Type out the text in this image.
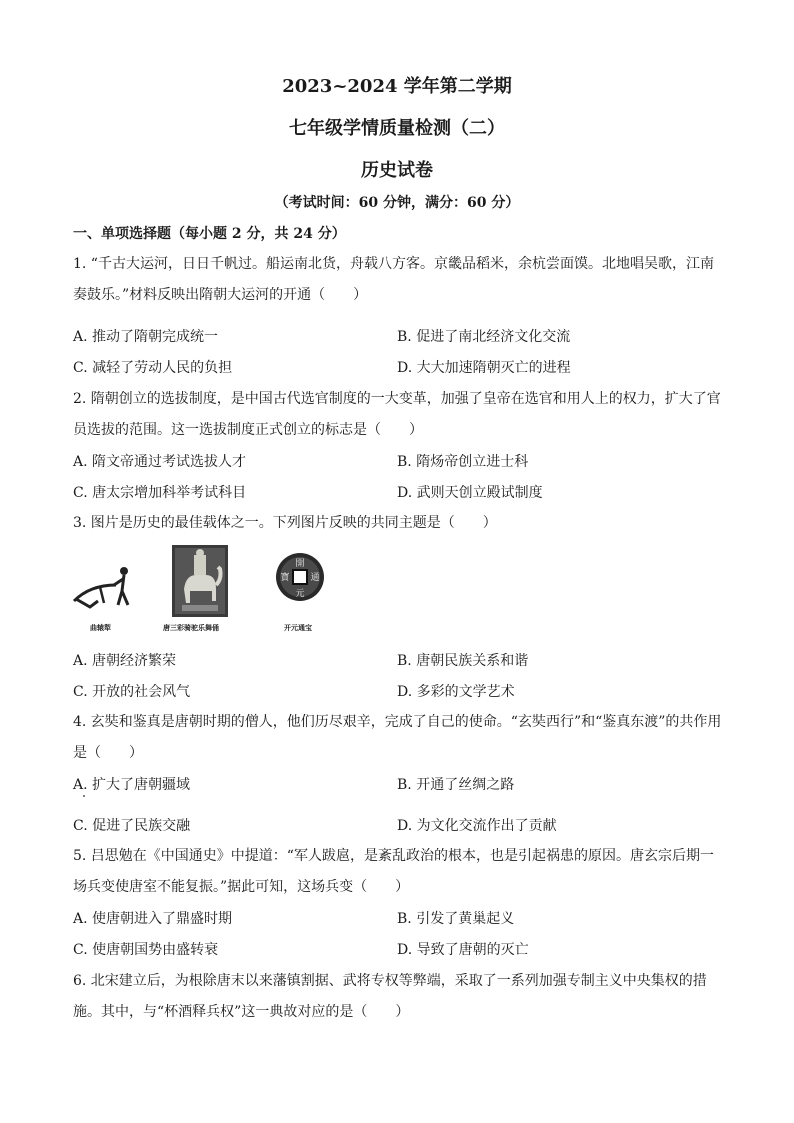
2023~2024 学年第二学期
七年级学情质量检测（二）
历史试卷
（考试时间：60 分钟，满分：60 分）
一、单项选择题（每小题 2 分，共 24 分）
1. “千古大运河，日日千帆过。船运南北货，舟载八方客。京畿品稻米，余杭尝面馍。北地唱吴歌，江南奏鼓乐。”材料反映出隋朝大运河的开通（　　）
A. 推动了隋朝完成统一	B. 促进了南北经济文化交流
C. 减轻了劳动人民的负担	D. 大大加速隋朝灭亡的进程
2. 隋朝创立的选拔制度，是中国古代选官制度的一大变革，加强了皇帝在选官和用人上的权力，扩大了官员选拔的范围。这一选拔制度正式创立的标志是（　　）
A. 隋文帝通过考试选拔人才	B. 隋炀帝创立进士科
C. 唐太宗增加科举考试科目	D. 武则天创立殿试制度
3. 图片是历史的最佳载体之一。下列图片反映的共同主题是（　　）
曲辕犁	唐三彩骑驼乐舞俑
開
元
通
寳
开元通宝
A. 唐朝经济繁荣	B. 唐朝民族关系和谐
C. 开放的社会风气	D. 多彩的文学艺术
4. 玄奘和鉴真是唐朝时期的僧人，他们历尽艰辛，完成了自己的使命。“玄奘西行”和“鉴真东渡”的共作用是（　　）
A. 扩大了唐朝疆域	B. 开通了丝绸之路
C. 促进了民族交融	D. 为文化交流作出了贡献
5. 吕思勉在《中国通史》中提道：“军人跋扈，是紊乱政治的根本，也是引起祸患的原因。唐玄宗后期一场兵变使唐室不能复振。”据此可知，这场兵变（　　）
A. 使唐朝进入了鼎盛时期	B. 引发了黄巢起义
C. 使唐朝国势由盛转衰	D. 导致了唐朝的灭亡
6. 北宋建立后，为根除唐末以来藩镇割据、武将专权等弊端，采取了一系列加强专制主义中央集权的措施。其中，与“杯酒释兵权”这一典故对应的是（　　）
